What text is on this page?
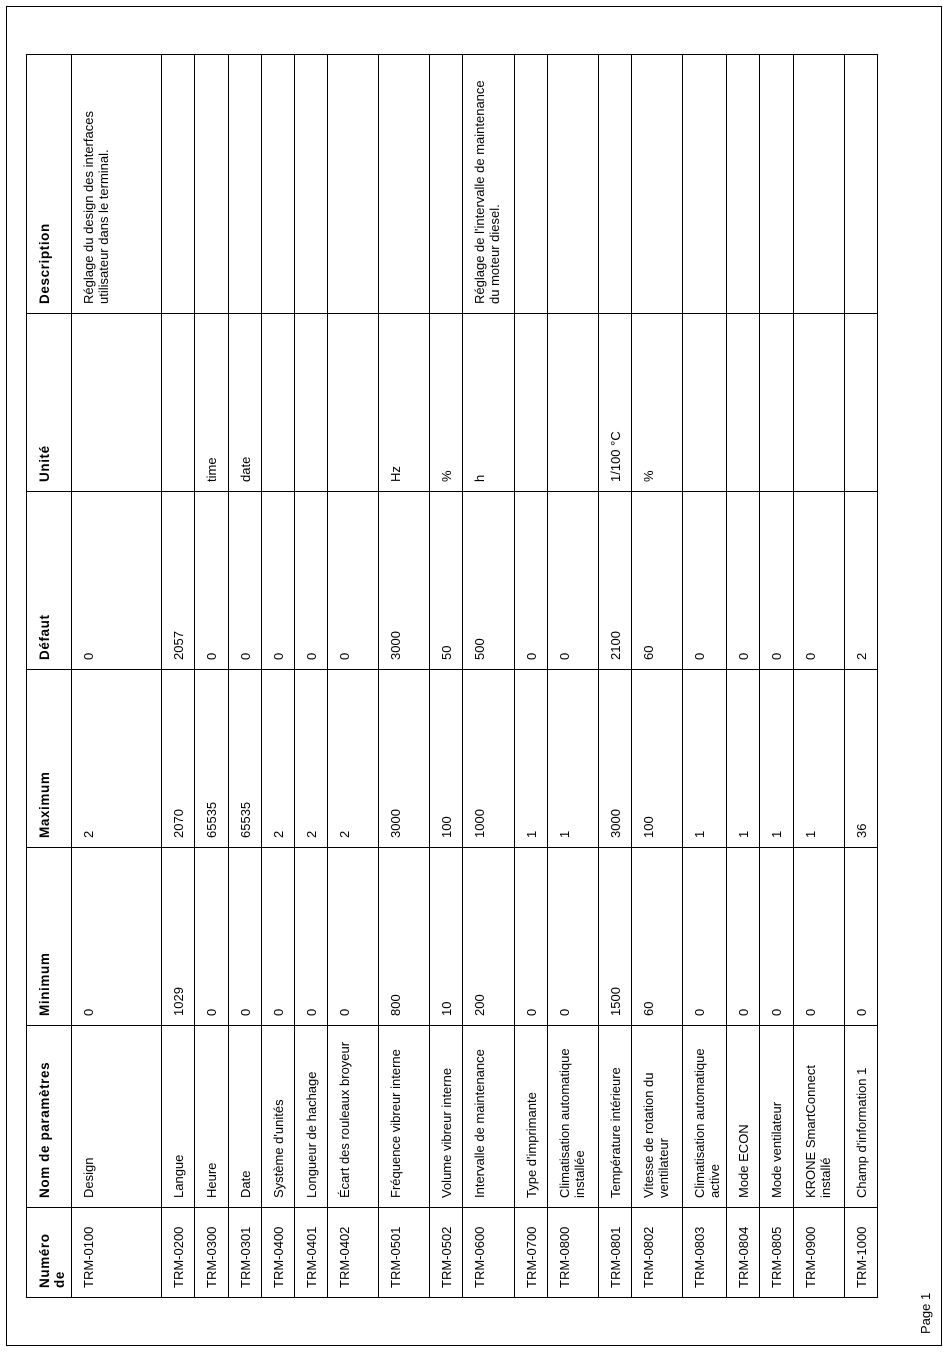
Numéro de	Nom de paramètres	Minimum	Maximum	Défaut	Unité	Description
TRM-0100	Design	0	2	0		Réglage du design des interfaces utilisateur dans le terminal.
TRM-0200	Langue	1029	2070	2057		
TRM-0300	Heure	0	65535	0	time	
TRM-0301	Date	0	65535	0	date	
TRM-0400	Système d'unités	0	2	0		
TRM-0401	Longueur de hachage	0	2	0		
TRM-0402	Écart des rouleaux broyeur	0	2	0		
TRM-0501	Fréquence vibreur interne	800	3000	3000	Hz	
TRM-0502	Volume vibreur interne	10	100	50	%	
TRM-0600	Intervalle de maintenance	200	1000	500	h	Réglage de l'intervalle de maintenance du moteur diesel.
TRM-0700	Type d'imprimante	0	1	0		
TRM-0800	Climatisation automatique installée	0	1	0		
TRM-0801	Température intérieure	1500	3000	2100	1/100 °C	
TRM-0802	Vitesse de rotation du ventilateur	60	100	60	%	
TRM-0803	Climatisation automatique active	0	1	0		
TRM-0804	Mode ECON	0	1	0		
TRM-0805	Mode ventilateur	0	1	0		
TRM-0900	KRONE SmartConnect installé	0	1	0		
TRM-1000	Champ d'information 1	0	36	2		
Page 1
